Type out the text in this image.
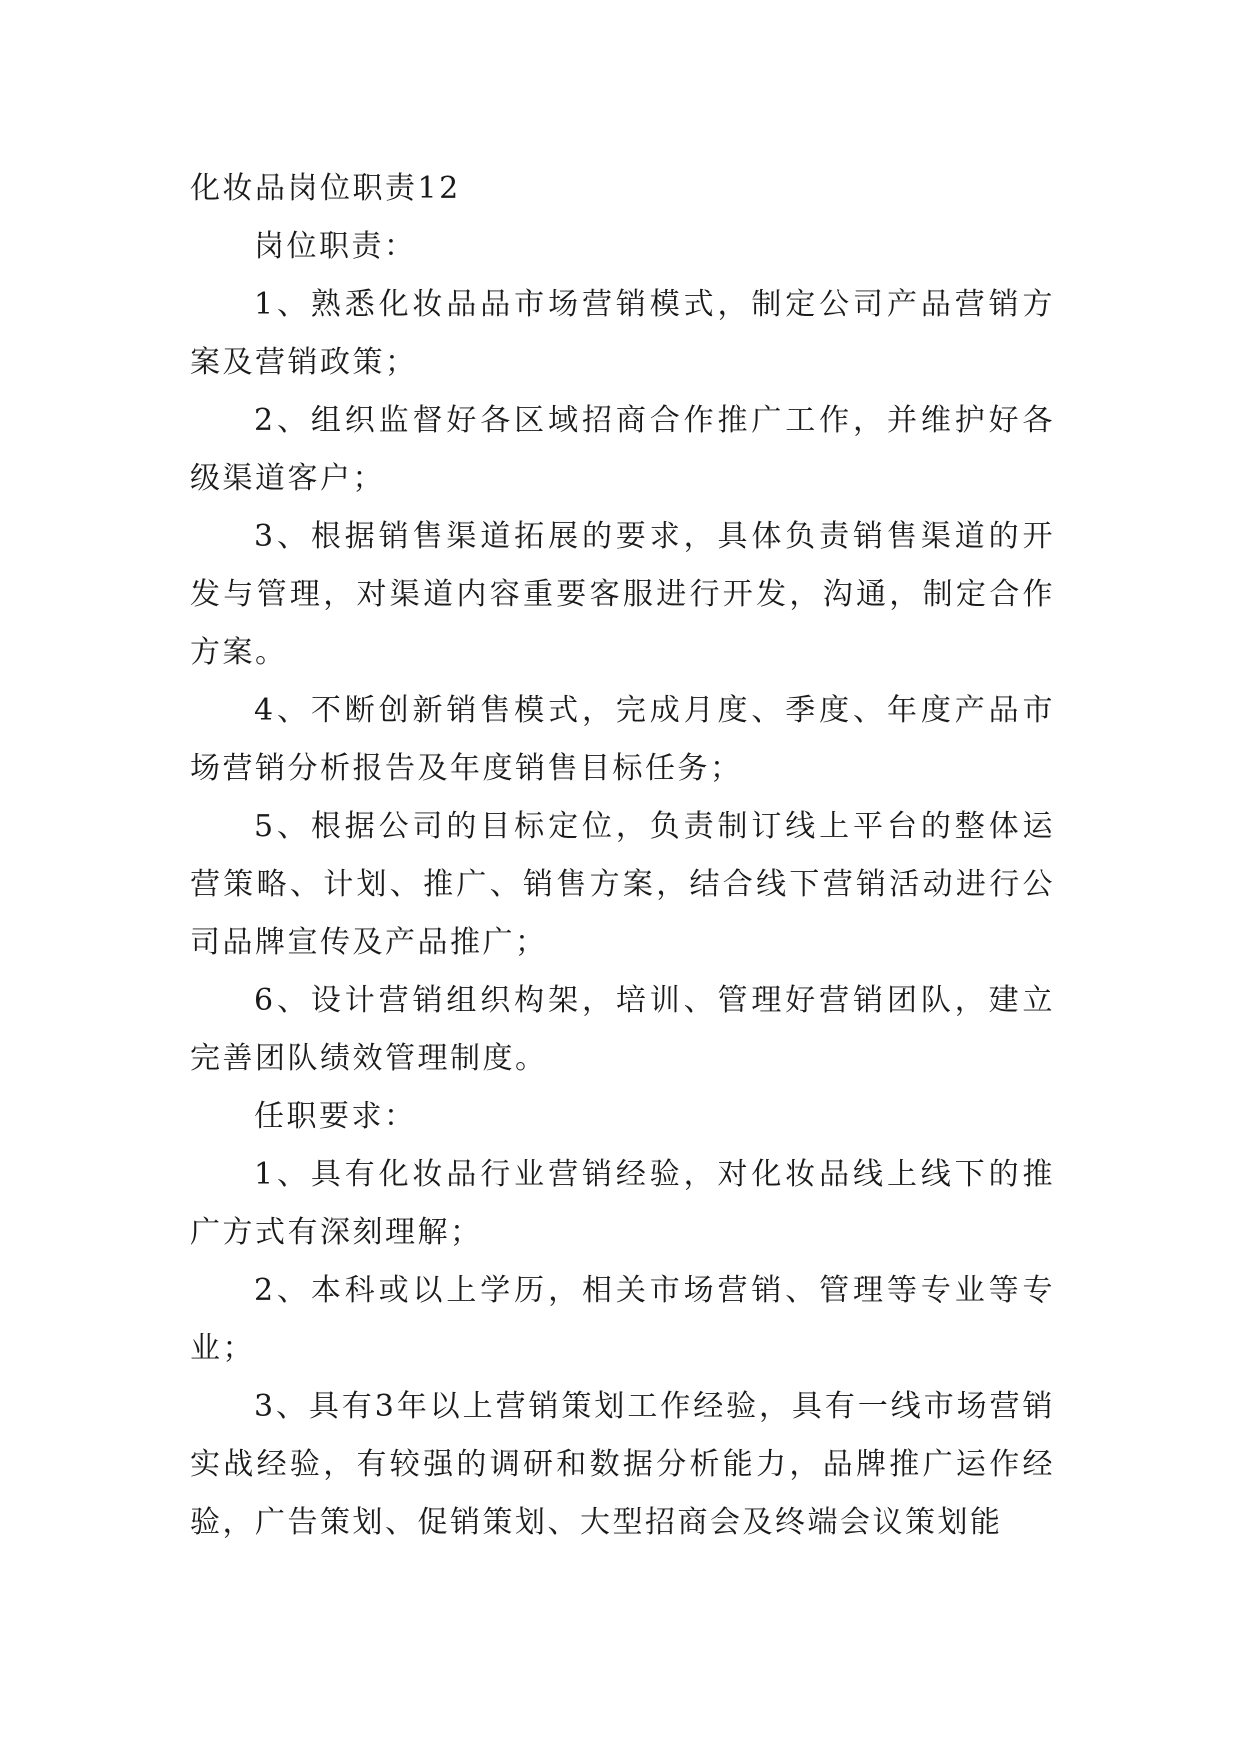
化妆品岗位职责12

岗位职责：

1、熟悉化妆品品市场营销模式，制定公司产品营销方案及营销政策；

2、组织监督好各区域招商合作推广工作，并维护好各级渠道客户；

3、根据销售渠道拓展的要求，具体负责销售渠道的开发与管理，对渠道内容重要客服进行开发，沟通，制定合作方案。

4、不断创新销售模式，完成月度、季度、年度产品市场营销分析报告及年度销售目标任务；

5、根据公司的目标定位，负责制订线上平台的整体运营策略、计划、推广、销售方案，结合线下营销活动进行公司品牌宣传及产品推广；

6、设计营销组织构架，培训、管理好营销团队，建立完善团队绩效管理制度。

任职要求：

1、具有化妆品行业营销经验，对化妆品线上线下的推广方式有深刻理解；

2、本科或以上学历，相关市场营销、管理等专业等专业；

3、具有3年以上营销策划工作经验，具有一线市场营销实战经验，有较强的调研和数据分析能力，品牌推广运作经验，广告策划、促销策划、大型招商会及终端会议策划能
